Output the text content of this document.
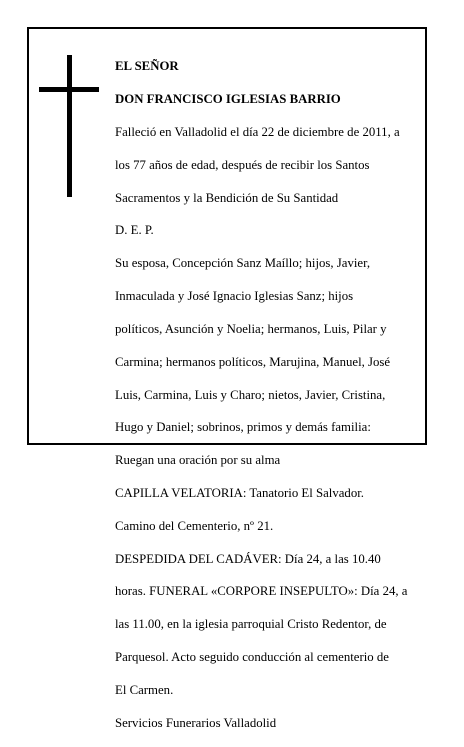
EL SEÑOR

DON FRANCISCO IGLESIAS BARRIO

Falleció en Valladolid el día 22 de diciembre de 2011, a

los 77 años de edad, después de recibir los Santos

Sacramentos y la Bendición de Su Santidad

D. E. P.

Su esposa, Concepción Sanz Maíllo; hijos, Javier,

Inmaculada y José Ignacio Iglesias Sanz; hijos

políticos, Asunción y Noelia; hermanos, Luis, Pilar y

Carmina; hermanos políticos, Marujina, Manuel, José

Luis, Carmina, Luis y Charo; nietos, Javier, Cristina,

Hugo y Daniel; sobrinos, primos y demás familia:

Ruegan una oración por su alma

CAPILLA VELATORIA: Tanatorio El Salvador.

Camino del Cementerio, nº 21.

DESPEDIDA DEL CADÁVER: Día 24, a las 10.40

horas. FUNERAL «CORPORE INSEPULTO»: Día 24, a

las 11.00, en la iglesia parroquial Cristo Redentor, de

Parquesol. Acto seguido conducción al cementerio de

El Carmen.

Servicios Funerarios Valladolid
